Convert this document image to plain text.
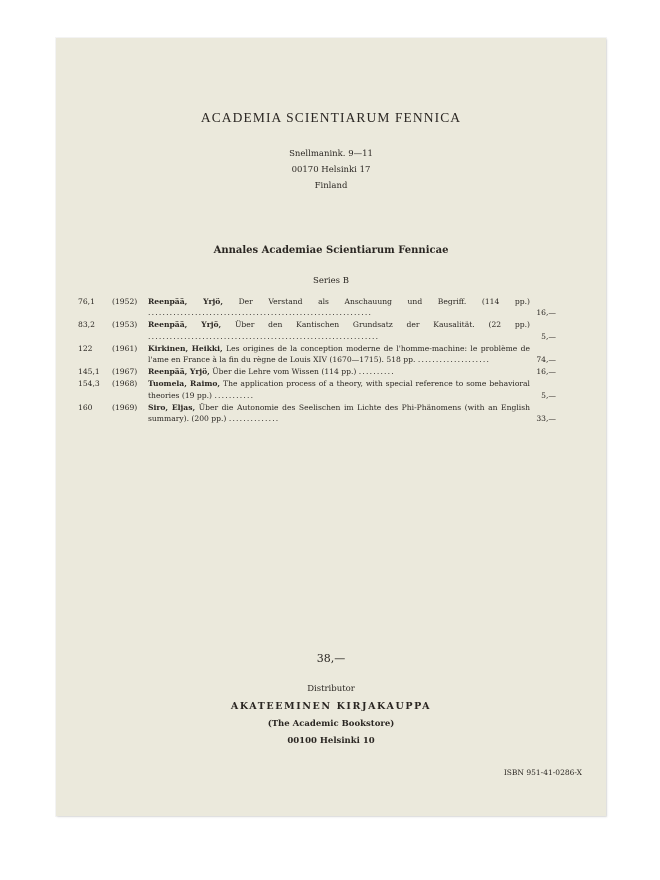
ACADEMIA SCIENTIARUM FENNICA
Snellmanink. 9—11
00170 Helsinki 17
Finland
Annales Academiae Scientiarum Fennicae
Series B
76,1	(1952)	Reenpää, Yrjö, Der Verstand als Anschauung und Begriff. (114 pp.) ..............................................................	16,—
83,2	(1953)	Reenpää, Yrjö, Über den Kantischen Grundsatz der Kausalität. (22 pp.) ................................................................	5,—
122	(1961)	Kirkinen, Heikki, Les origines de la conception moderne de l'homme-machine: le problème de l'ame en France à la fin du règne de Louis XIV (1670—1715). 518 pp. ....................	74,—
145,1	(1967)	Reenpää, Yrjö, Über die Lehre vom Wissen (114 pp.) ..........	16,—
154,3	(1968)	Tuomela, Raimo, The application process of a theory, with special reference to some behavioral theories (19 pp.) ...........	5,—
160	(1969)	Siro, Eljas, Über die Autonomie des Seelischen im Lichte des Phi-Phänomens (with an English summary). (200 pp.) ..............	33,—
38,—
Distributor
AKATEEMINEN KIRJAKAUPPA
(The Academic Bookstore)
00100 Helsinki 10
ISBN 951-41-0286-X
